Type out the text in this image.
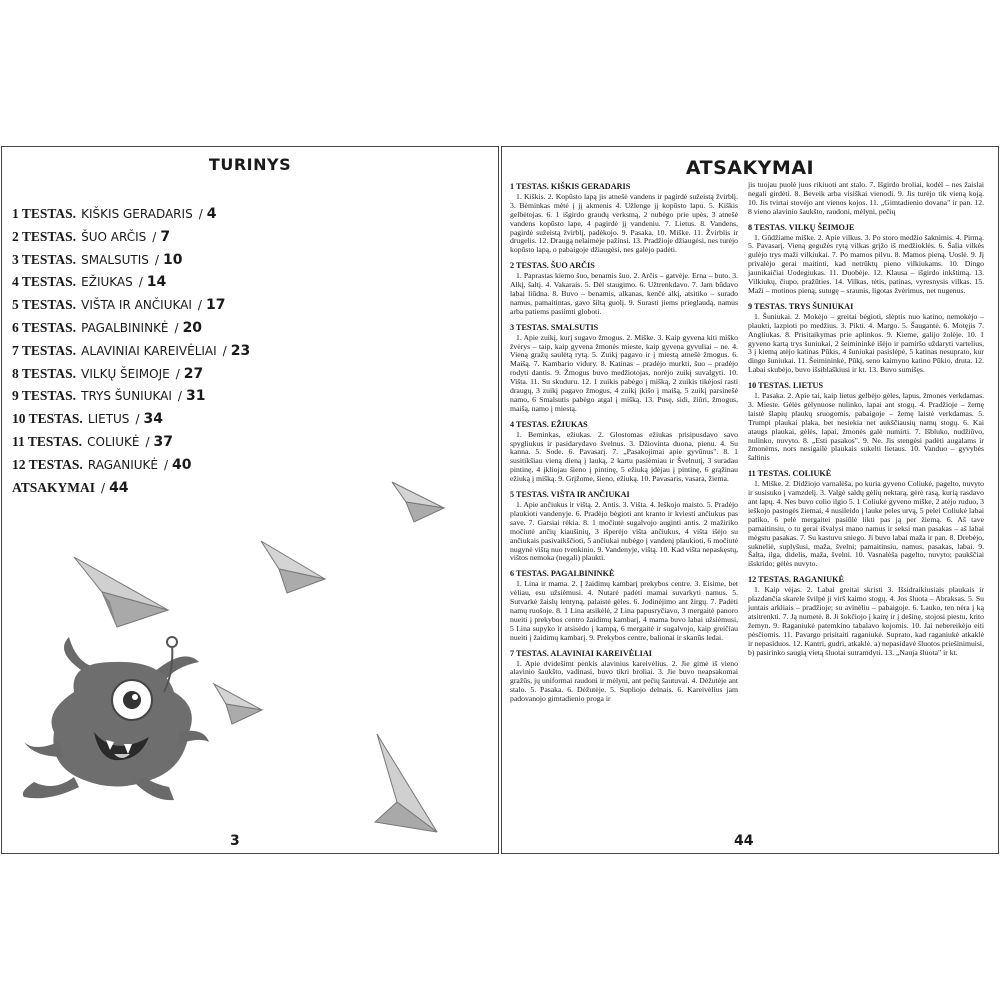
TURINYS
1 TESTAS. KIŠKIS GERADARIS / 4
2 TESTAS. ŠUO ARČIS / 7
3 TESTAS. SMALSUTIS / 10
4 TESTAS. EŽIUKAS / 14
5 TESTAS. VIŠTA IR ANČIUKAI / 17
6 TESTAS. PAGALBININKĖ / 20
7 TESTAS. ALAVINIAI KAREIVĖLIAI / 23
8 TESTAS. VILKŲ ŠEIMOJE / 27
9 TESTAS. TRYS ŠUNIUKAI / 31
10 TESTAS. LIETUS / 34
11 TESTAS. COLIUKĖ / 37
12 TESTAS. RAGANIUKĖ / 40
ATSAKYMAI / 44
3
ATSAKYMAI
1 TESTAS. KIŠKIS GERADARIS
1. Kiškis. 2. Kopūsto lapą jis atnešė vandens ir pagirdė sužeistą žvirblį. 3. Bėminkas mėtė į jį akmenis 4. Užlenge jį kopūsto lapu. 5. Kiškis gelbėtojas. 6. 1 išgirdo graudų verksmą, 2 nubėgo prie upės, 3 atnešė vandens kopūsto lape, 4 pagirdė jį vandeniu. 7. Lietus. 8. Vandens, pagirdė sužeistą žvirblį, padėkojo. 9. Pasaka. 10. Miške. 11. Žvirblis ir drugelis. 12. Draugą nelaimėje pažinsi. 13. Pradžioje džiaugėsi, nes turėjo kopūsto lapą, o pabaigoje džiaugėsi, nes galėjo padėti.
2 TESTAS. ŠUO ARČIS
1. Paprastas kiemo šuo, benamis šuo. 2. Arčis – gatvėje. Erna – buto. 3. Alkį, šaltį. 4. Vakarais. 5. Dėl staugimo. 6. Užtrenkdavo. 7. Jam būdavo labai liūdna. 8. Buvo – benamis, alkanas, kenčė alkį, atsitiko – surado namus, pamaitintas, gavo šiltą guolį. 9. Surasti jiems prieglaudą, namus arba patiems pasiimti globoti.
3 TESTAS. SMALSUTIS
1. Apie zuikį, kurį sugavo žmogus. 2. Miške. 3. Kaip gyvena kiti miško žvėrys – taip, kaip gyvena žmonės mieste, kaip gyvena gyvuliai – ne. 4. Vieną gražų saulėtą rytą. 5. Zuikį pagavo ir į miestą atnešė žmogus. 6. Maišą. 7. Kambario vidury. 8. Katinas – pradėjo murkti, šuo – pradėjo rodyti dantis. 9. Žmogus buvo medžiotojas, norėjo zuikį suvalgyti. 10. Višta. 11. Su skuduru. 12. 1 zuikis pabėgo į mišką, 2 zuikis tikėjosi rasti draugų, 3 zuikį pagavo žmogus, 4 zuikį įkišo į maišą, 5 zuikį parsinešė namo, 6 Smalsutis pabėgo atgal į mišką. 13. Pusę, sidi, žiūri, žmogus, maišą, namo į miestą.
4 TESTAS. EŽIUKAS
1. Beminkas, ežiukas. 2. Glostomas ežiukas prisipusdavo savo spygliukus ir pasidarydavo švelnus. 3. Džiovinta duona, pienu. 4. Su kanna. 5. Sode. 6. Pavasarį. 7. „Pasakojimai apie gyvūnus". 8. 1 susitikšiau vieną dieną į lauką, 2 kartu pasiėmiau ir Švelnutį, 3 suradau pintinę, 4 įkliojau šieno į pintinę, 5 ežiuką įdėjau į pintinę, 6 grąžinau ežiuką į mišką. 9. Grįžome, šieno, ežiuką. 10. Pavasaris, vasara, žiema.
5 TESTAS. VIŠTA IR ANČIUKAI
1. Apie ančiukus ir vištą. 2. Antis. 3. Višta. 4. Ieškojo maisto. 5. Pradėjo plaukioti vandenyje. 6. Pradėjo bėgioti ant kranto ir kviesti ančiukus pas save. 7. Garsiai rėkia. 8. 1 močiutė sugalvojo auginti antis. 2 mažiriko močiutė ančių kiaušinių, 3 išperėjo višta ančiukus, 4 višta išėjo su ančiukais pasivaikščioti, 5 ančiukai nubėgo į vandenį plaukioti, 6 močiutė nugynė vištą nuo tvenkinio. 9. Vandenyje, vištą. 10. Kad višta nepaskęstų, vištos nemoka (negali) plaukti.
6 TESTAS. PAGALBININKĖ
1. Lina ir mama. 2. Į žaidimų kambarį prekybos centre. 3. Eisime, bet vėliau, esu užsiėmusi. 4. Nutarė padėti mamai suvarkyti namus. 5. Sutvarkė žaislų lentyną, palaistė gėles. 6. Jodinėjimo ant žirgų. 7. Padėti namų ruošoje. 8. 1 Lina atsikėlė, 2 Lina papusryčiavo, 3 mergaitė panoro nueiti į prekybos centro žaidimų kambarį, 4 mama buvo labai užsiėmusi, 5 Lina supyko ir atsisėdo į kampą, 6 mergaitė ir sugalvojo, kaip greičiau nueiti į žaidimų kambarį. 9. Prekybos centre, balionai ir skanūs ledai.
7 TESTAS. ALAVINIAI KAREIVĖLIAI
1. Apie dvidešimt penkis alavinius kareivėlius. 2. Jie gimė iš vieno alavinio šaukšto, vadinasi, buvo tikri broliai. 3. Jie buvo neapsakomai gražūs, jų uniformai raudoni ir mėlyni, ant pečių šautuvai. 4. Dėžutėje ant stalo. 5. Pasaka. 6. Dėžutėje. 5. Supliojo delnais. 6. Kareivėlius jam padovanojo gimtadienio proga ir
jis tuojau puolė juos rikiuoti ant stalo. 7. Išgirdo broliai, kodėl – nes žaislai negali girdėti. 8. Beveik arba visiškai vienodi. 9. Jis turėjo tik vieną koją. 10. Jis tvirtai stovėjo ant vienos kojos. 11. „Gimtadienio dovana" ir pan. 12. 8 vieno alavinio šaukšto, raudoni, mėlyni, pečių
8 TESTAS. VILKŲ ŠEIMOJE
1. Gūdžiame miške. 2. Apie vilkus. 3. Po storo medžio šaknimis. 4. Pirmą. 5. Pavasarį. Vieną gegužės rytą vilkas grįžo iš medžioklės. 6. Šalia vilkės gulėjo trys maži vilkiukai. 7. Po mamos pilvu. 8. Mamos pieną. Uoslė. 9. Jį privalėjo gerai maitinti, kad netrūktų pieno vilkiukams. 10. Dingo jaunikaičiai Uodegiukas. 11. Duobėje. 12. Klausa – išgirdo inkštimą. 13. Vilkiukų, čiupo, pražūties. 14. Vilkas, tėtis, patinas, vyresnysis vilkas. 15. Maži – motinos pieną, sutugę – sraunis, ligotas žvėrimus, net nugenus.
9 TESTAS. TRYS ŠUNIUKAI
1. Šuniukai. 2. Mokėjo – greitai bėgioti, slėptis nuo katino, nemokėjo – plaukti, lazpioti po medžius. 3. Pikti. 4. Margo. 5. Šaugantė. 6. Motęjis 7. Angliukas. 8. Prisitaikymas prie aplinkos. 9. Kieme, galijo žolėje. 10. 1 gyveno kartą trys šuniukai, 2 šeimininkė išėjo ir pamiršo uždaryti vartelius, 3 į kiemą atėjo katinas Pūkis, 4 šuniukai pasislėpė, 5 katinas nesuprato, kur dingo šuniukai. 11. Šeimininkė, Pūkį, seno kaimyno katino Pūkio, druta. 12. Labai skubėjo, buvo išsiblaškiusi ir kt. 13. Buvo sumišęs.
10 TESTAS. LIETUS
1. Pasaka. 2. Apie tai, kaip lietus gelbėjo gėles, lapus, žmones verkdamas. 3. Mieste. Gėlės gėlynuose nulinko, lapai ant stogų. 4. Pradžioje – žemę laistė šlapių plaukų sruogomis, pabaigoje – žemę laistė verkdamas. 5. Trumpi plaukai plaka, bet nesiekia net aukščiausių namų stogų. 6. Kai ataugs plaukai, gėlės, lapai, žmonės galė numirti. 7. Išbluko, nudžiūvo, nulinko, nuvyto. 8. „Esti pasakos". 9. Ne. Jis stengėsi padėti augalams ir žmonėms, nors nesigailė plaukais sukelti lietaus. 10. Vanduo – gyvybės šaltinis
11 TESTAS. COLIUKĖ
1. Miške. 2. Didžiojo varnalėša, po kuria gyveno Coliukė, pagelto, nuvyto ir susisuko į vamzdelį. 3. Valgė saldų gėlių nektarą, gėrė rasą, kurią rasdavo ant lapų. 4. Nes buvo colio ilgio 5. 1 Coliukė gyveno miške, 2 atėjo ruduo, 3 ieškojo pastogės žiemai, 4 nusileido į lauke peles urvą, 5 pelei Coliukė labai patiko, 6 pelė mergaitei pasiūlė likti pas ją per žiemą. 6. Aš tave pamaitinsiu, o tu gerai išvalysi mano namus ir seksi man pasakas – aš labai mėgstu pasakas. 7. Su kastuvu sniego. Ji buvo labai maža ir pan. 8. Drebėjo, sukneliė, suplyšusi, maža, švelni; pamaitinsiu, namus, pasakas, labai. 9. Šalta, ilga, didelis, maža, švelni. 10. Vasnalėša pagelto, nuvyto; paukščiai išskrido; gėlės nuvyto.
12 TESTAS. RAGANIUKĖ
1. Kaip vėjas. 2. Labai greitai skristi 3. Išsidraikiusiais plaukais ir plazdančia skarele švilpė ji virš kaimo stogų. 4. Jos šluota – Abraksas. 5. Su juntais arkliais – pradžioje; su avinėliu – pabaigoje. 6. Lauko, ten nėra į ką atsitrenkti. 7. Ją numetė. 8. Ji šokčiojo į kairę ir į dešinę, stojosi piestu, krito žemyn. 9. Raganiukė patemkino tabalavo kojomis. 10. Jai nebereikėjo eiti pėsčiomis. 11. Pavargo prisitaiti raganiukė. Suprato, kad raganiukė atkaklė ir nepasiduos. 12. Kantri, gudri, atkaklė. a) nepasidavė šluotos priešinimuisi, b) pasirinko saugią vietą šluotai sutramdyti. 13. „Nauja šluota" ir kt.
44
